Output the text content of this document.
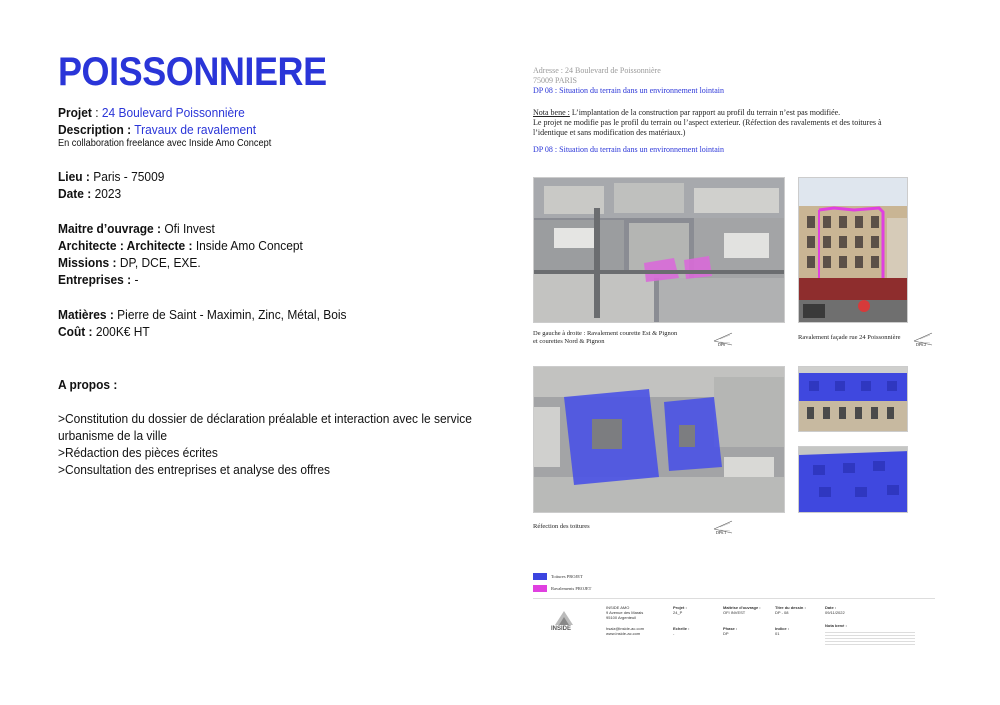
POISSONNIERE
Projet : 24 Boulevard Poissonnière
Description : Travaux de ravalement
En collaboration freelance avec Inside Amo Concept
Lieu : Paris - 75009
Date : 2023
Maitre d’ouvrage : Ofi Invest
Architecte : Architecte : Inside Amo Concept
Missions : DP, DCE, EXE.
Entreprises : -
Matières : Pierre de Saint - Maximin, Zinc, Métal, Bois
Coût : 200K€ HT
A propos :
>Constitution du dossier de déclaration préalable et interaction avec le service
urbanisme de la ville
>Rédaction des pièces écrites
>Consultation des entreprises et analyse des offres
Adresse : 24 Boulevard de Poissonnière
75009 PARIS
DP 08 : Situation du terrain dans un environnement lointain
Nota bene : L’implantation de la construction par rapport au profil du terrain n’est pas modifiée.
Le projet ne modifie pas le profil du terrain ou l’aspect exterieur. (Réfection des ravalements et des toitures à
l’identique et sans modification des matériaux.)
DP 08 : Situation du terrain dans un environnement lointain
De gauche à droite : Ravalement courette Est & Pignon
et courettes Nord & Pignon	DP6
Ravalement façade rue 24 Poissonnière
DP6.2
Réfection des toitures
DP6.1
Toitures PROJET
Ravalements PROJET
INSIDE
INSIDE AMO
9 Avenue des Marais
95100 Argenteuil
hsaiz@inside-ac.com
www.inside-ac.com
Projet :
24_P
Maitrise d'ouvrage :
OFI INVEST
Titre du dessin :
DP - 08
Date :
09/11/2022
Echelle :
-
Phase :
DP
Indice :
01
Nota bené :
